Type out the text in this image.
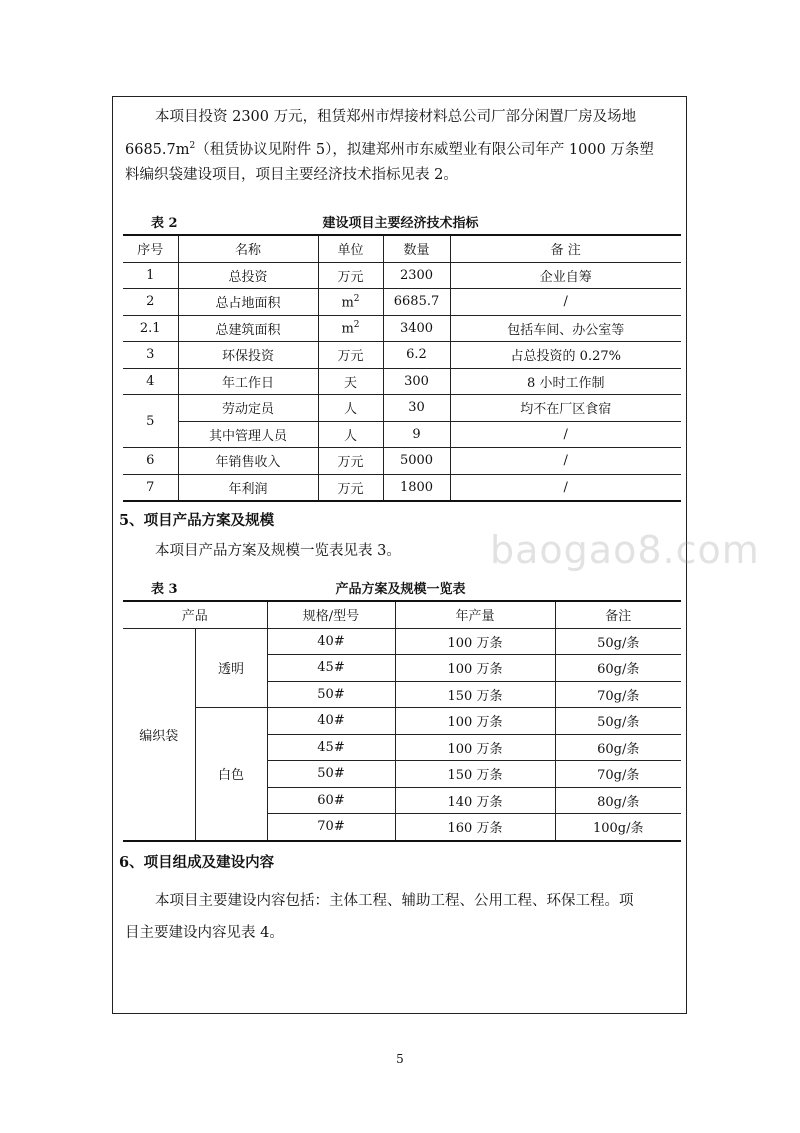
本项目投资 2300 万元，租赁郑州市焊接材料总公司厂部分闲置厂房及场地

$6685.7m^2$（租赁协议见附件 5），拟建郑州市东威塑业有限公司年产 1000 万条塑

料编织袋建设项目，项目主要经济技术指标见表 2。

表 2	建设项目主要经济技术指标
序号	名称	单位	数量	备 注
1	总投资	万元	2300	企业自筹
2	总占地面积	$m^2$	6685.7	/
2.1	总建筑面积	$m^2$	3400	包括车间、办公室等
3	环保投资	万元	6.2	占总投资的 0.27%
4	年工作日	天	300	8 小时工作制
5	劳动定员	人	30	均不在厂区食宿
	其中管理人员	人	9	/
6	年销售收入	万元	5000	/
7	年利润	万元	1800	/
5、项目产品方案及规模

本项目产品方案及规模一览表见表 3。

表 3	产品方案及规模一览表
产品		规格/型号	年产量	备注
编织袋	透明	40#	100 万条	50g/条
		45#	100 万条	60g/条
		50#	150 万条	70g/条
	白色	40#	100 万条	50g/条
		45#	100 万条	60g/条
		50#	150 万条	70g/条
		60#	140 万条	80g/条
		70#	160 万条	100g/条
6、项目组成及建设内容

本项目主要建设内容包括：主体工程、辅助工程、公用工程、环保工程。项

目主要建设内容见表 4。

baogao8.com
5
